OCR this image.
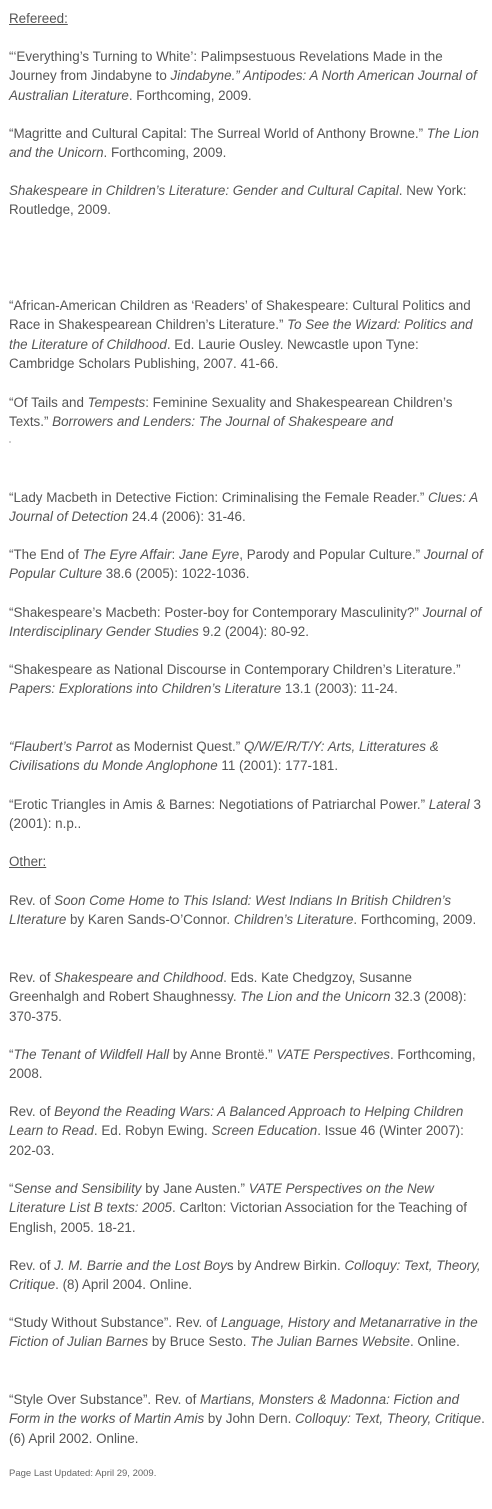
Refereed:

“‘Everything’s Turning to White’: Palimpsestuous Revelations Made in the Journey from Jindabyne to Jindabyne.” Antipodes: A North American Journal of Australian Literature. Forthcoming, 2009.

“Magritte and Cultural Capital: The Surreal World of Anthony Browne.” The Lion and the Unicorn. Forthcoming, 2009.

Shakespeare in Children’s Literature: Gender and Cultural Capital. New York: Routledge, 2009.

“African-American Children as ‘Readers’ of Shakespeare: Cultural Politics and Race in Shakespearean Children’s Literature.” To See the Wizard: Politics and the Literature of Childhood. Ed. Laurie Ousley. Newcastle upon Tyne: Cambridge Scholars Publishing, 2007. 41-66.

“Of Tails and Tempests: Feminine Sexuality and Shakespearean Children’s Texts.” Borrowers and Lenders: The Journal of Shakespeare and

“Lady Macbeth in Detective Fiction: Criminalising the Female Reader.” Clues: A Journal of Detection 24.4 (2006): 31-46.

“The End of The Eyre Affair: Jane Eyre, Parody and Popular Culture.” Journal of Popular Culture 38.6 (2005): 1022-1036.

“Shakespeare’s Macbeth: Poster-boy for Contemporary Masculinity?” Journal of Interdisciplinary Gender Studies 9.2 (2004): 80-92.

“Shakespeare as National Discourse in Contemporary Children’s Literature.” Papers: Explorations into Children’s Literature 13.1 (2003): 11-24.

“Flaubert’s Parrot as Modernist Quest.” Q/W/E/R/T/Y: Arts, Litteratures & Civilisations du Monde Anglophone 11 (2001): 177-181.

“Erotic Triangles in Amis & Barnes: Negotiations of Patriarchal Power.” Lateral 3 (2001): n.p..

Other:

Rev. of Soon Come Home to This Island: West Indians In British Children’s LIterature by Karen Sands-O’Connor. Children’s Literature. Forthcoming, 2009.

Rev. of Shakespeare and Childhood. Eds. Kate Chedgzoy, Susanne Greenhalgh and Robert Shaughnessy. The Lion and the Unicorn 32.3 (2008): 370-375.

“The Tenant of Wildfell Hall by Anne Brontë.” VATE Perspectives. Forthcoming, 2008.

Rev. of Beyond the Reading Wars: A Balanced Approach to Helping Children Learn to Read. Ed. Robyn Ewing. Screen Education. Issue 46 (Winter 2007): 202-03.

“Sense and Sensibility by Jane Austen.” VATE Perspectives on the New Literature List B texts: 2005. Carlton: Victorian Association for the Teaching of English, 2005. 18-21.

Rev. of J. M. Barrie and the Lost Boys by Andrew Birkin. Colloquy: Text, Theory, Critique. (8) April 2004. Online.

“Study Without Substance”. Rev. of Language, History and Metanarrative in the Fiction of Julian Barnes by Bruce Sesto. The Julian Barnes Website. Online.

“Style Over Substance”. Rev. of Martians, Monsters & Madonna: Fiction and Form in the works of Martin Amis by John Dern. Colloquy: Text, Theory, Critique. (6) April 2002. Online.

Page Last Updated: April 29, 2009.
